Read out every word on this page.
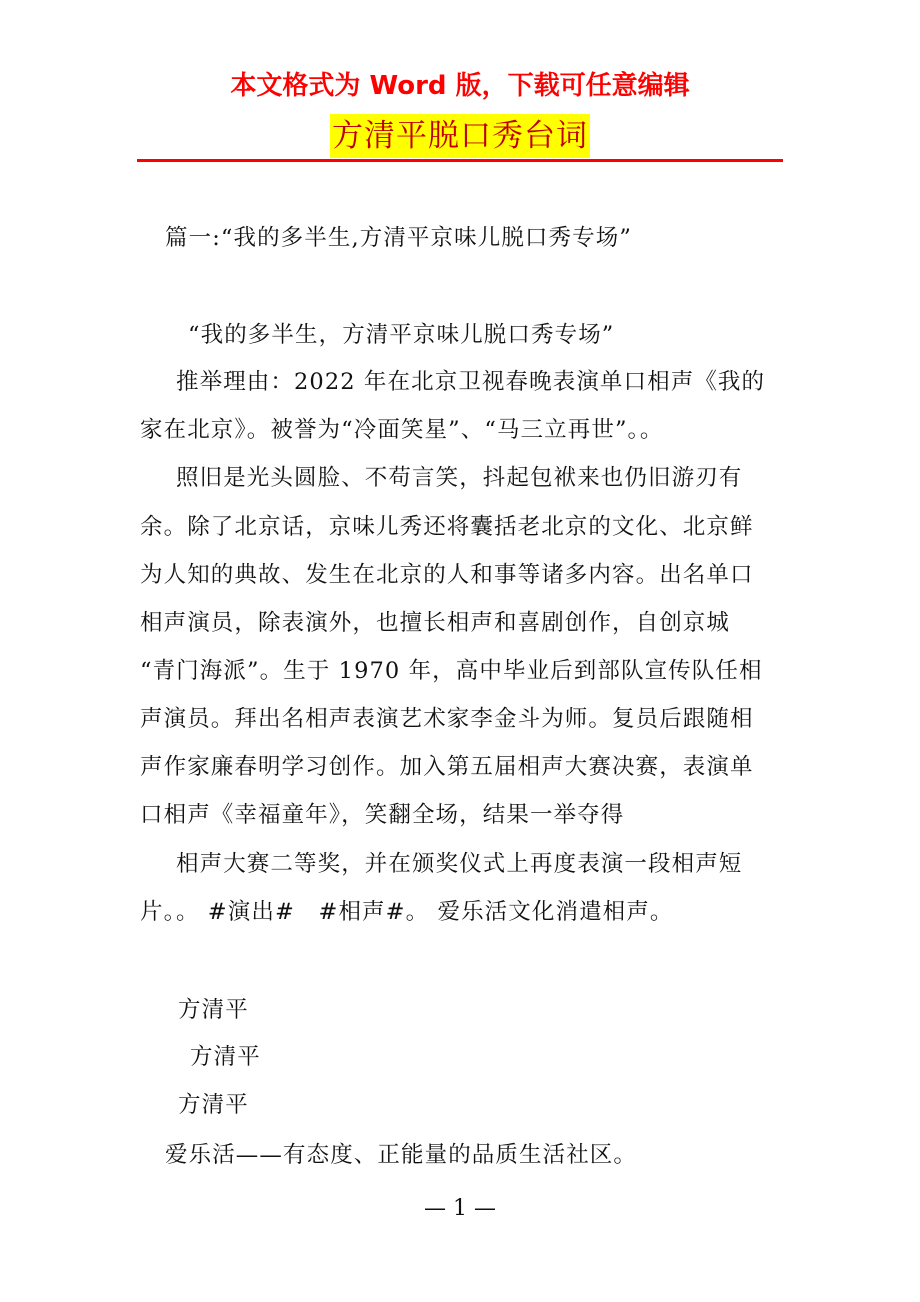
本文格式为 Word 版，下载可任意编辑
方清平脱口秀台词
篇一:“我的多半生,方清平京味儿脱口秀专场”
“我的多半生，方清平京味儿脱口秀专场”
推举理由：2022 年在北京卫视春晚表演单口相声《我的
家在北京》。被誉为“冷面笑星”、“马三立再世”。。
照旧是光头圆脸、不苟言笑，抖起包袱来也仍旧游刃有
余。除了北京话，京味儿秀还将囊括老北京的文化、北京鲜
为人知的典故、发生在北京的人和事等诸多内容。出名单口
相声演员，除表演外，也擅长相声和喜剧创作，自创京城
“青门海派”。生于 1970 年，高中毕业后到部队宣传队任相
声演员。拜出名相声表演艺术家李金斗为师。复员后跟随相
声作家廉春明学习创作。加入第五届相声大赛决赛，表演单
口相声《幸福童年》，笑翻全场，结果一举夺得
相声大赛二等奖，并在颁奖仪式上再度表演一段相声短
片。。 #演出#　#相声#。 爱乐活文化消遣相声。
方清平
方清平
方清平
爱乐活——有态度、正能量的品质生活社区。
— 1 —
